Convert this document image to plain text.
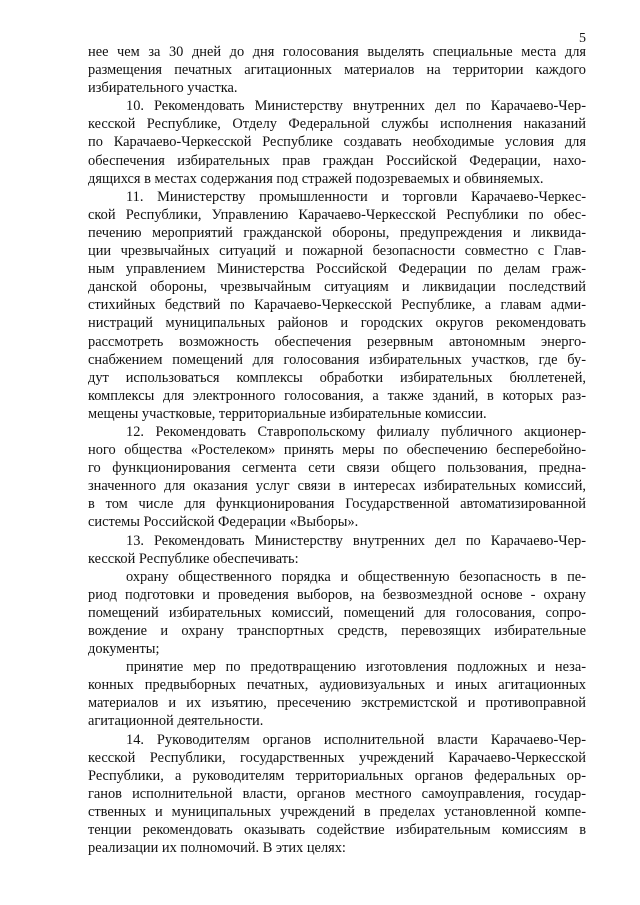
5
нее чем за 30 дней до дня голосования выделять специальные места для
размещения печатных агитационных материалов на территории каждого
избирательного участка.
10. Рекомендовать Министерству внутренних дел по Карачаево-Чер-
кесской Республике, Отделу Федеральной службы исполнения наказаний
по Карачаево-Черкесской Республике создавать необходимые условия для
обеспечения избирательных прав граждан Российской Федерации, нахо-
дящихся в местах содержания под стражей подозреваемых и обвиняемых.
11. Министерству промышленности и торговли Карачаево-Черкес-
ской Республики, Управлению Карачаево-Черкесской Республики по обес-
печению мероприятий гражданской обороны, предупреждения и ликвида-
ции чрезвычайных ситуаций и пожарной безопасности совместно с Глав-
ным управлением Министерства Российской Федерации по делам граж-
данской обороны, чрезвычайным ситуациям и ликвидации последствий
стихийных бедствий по Карачаево-Черкесской Республике, а главам адми-
нистраций муниципальных районов и городских округов рекомендовать
рассмотреть возможность обеспечения резервным автономным энерго-
снабжением помещений для голосования избирательных участков, где бу-
дут использоваться комплексы обработки избирательных бюллетеней,
комплексы для электронного голосования, а также зданий, в которых раз-
мещены участковые, территориальные избирательные комиссии.
12. Рекомендовать Ставропольскому филиалу публичного акционер-
ного общества «Ростелеком» принять меры по обеспечению бесперебойно-
го функционирования сегмента сети связи общего пользования, предна-
значенного для оказания услуг связи в интересах избирательных комиссий,
в том числе для функционирования Государственной автоматизированной
системы Российской Федерации «Выборы».
13. Рекомендовать Министерству внутренних дел по Карачаево-Чер-
кесской Республике обеспечивать:
охрану общественного порядка и общественную безопасность в пе-
риод подготовки и проведения выборов, на безвозмездной основе - охрану
помещений избирательных комиссий, помещений для голосования, сопро-
вождение и охрану транспортных средств, перевозящих избирательные
документы;
принятие мер по предотвращению изготовления подложных и неза-
конных предвыборных печатных, аудиовизуальных и иных агитационных
материалов и их изъятию, пресечению экстремистской и противоправной
агитационной деятельности.
14. Руководителям органов исполнительной власти Карачаево-Чер-
кесской Республики, государственных учреждений Карачаево-Черкесской
Республики, а руководителям территориальных органов федеральных ор-
ганов исполнительной власти, органов местного самоуправления, государ-
ственных и муниципальных учреждений в пределах установленной компе-
тенции рекомендовать оказывать содействие избирательным комиссиям в
реализации их полномочий. В этих целях:
